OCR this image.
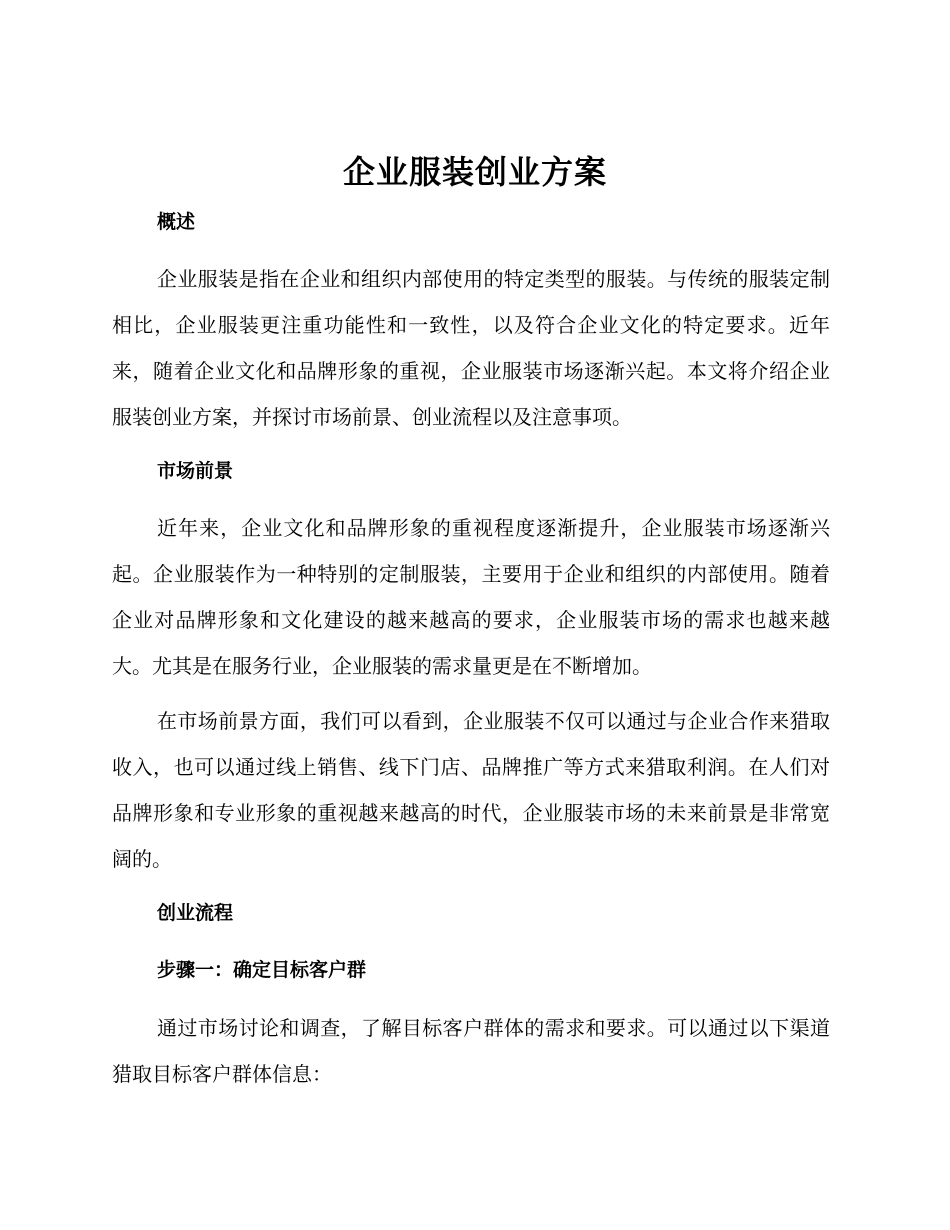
企业服装创业方案
概述

企业服装是指在企业和组织内部使用的特定类型的服装。与传统的服装定制相比，企业服装更注重功能性和一致性，以及符合企业文化的特定要求。近年来，随着企业文化和品牌形象的重视，企业服装市场逐渐兴起。本文将介绍企业服装创业方案，并探讨市场前景、创业流程以及注意事项。

市场前景

近年来，企业文化和品牌形象的重视程度逐渐提升，企业服装市场逐渐兴起。企业服装作为一种特别的定制服装，主要用于企业和组织的内部使用。随着企业对品牌形象和文化建设的越来越高的要求，企业服装市场的需求也越来越大。尤其是在服务行业，企业服装的需求量更是在不断增加。

在市场前景方面，我们可以看到，企业服装不仅可以通过与企业合作来猎取收入，也可以通过线上销售、线下门店、品牌推广等方式来猎取利润。在人们对品牌形象和专业形象的重视越来越高的时代，企业服装市场的未来前景是非常宽阔的。

创业流程
步骤一：确定目标客户群

通过市场讨论和调查，了解目标客户群体的需求和要求。可以通过以下渠道猎取目标客户群体信息：
